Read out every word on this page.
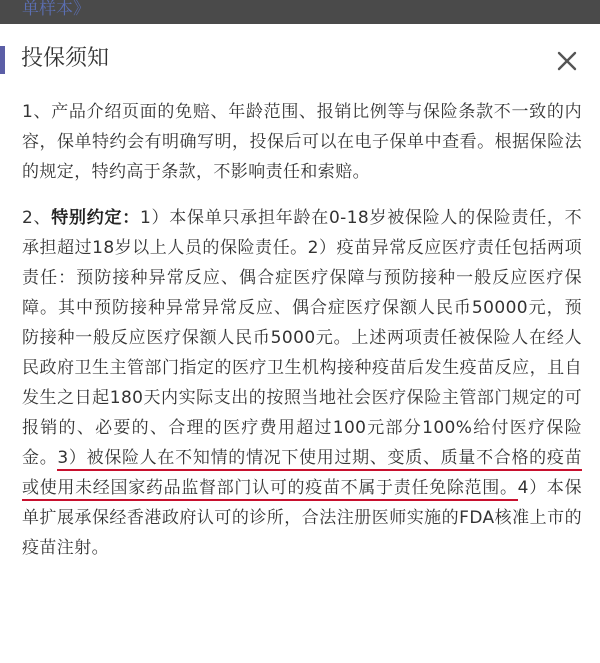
单样本》
投保须知

1、产品介绍页面的免赔、年龄范围、报销比例等与保险条款不一致的内容，保单特约会有明确写明，投保后可以在电子保单中查看。根据保险法的规定，特约高于条款，不影响责任和索赔。

2、特别约定：1）本保单只承担年龄在0-18岁被保险人的保险责任，不承担超过18岁以上人员的保险责任。2）疫苗异常反应医疗责任包括两项责任：预防接种异常反应、偶合症医疗保障与预防接种一般反应医疗保障。其中预防接种异常异常反应、偶合症医疗保额人民币50000元，预防接种一般反应医疗保额人民币5000元。上述两项责任被保险人在经人民政府卫生主管部门指定的医疗卫生机构接种疫苗后发生疫苗反应，且自发生之日起180天内实际支出的按照当地社会医疗保险主管部门规定的可报销的、必要的、合理的医疗费用超过100元部分100%给付医疗保险金。3）被保险人在不知情的情况下使用过期、变质、质量不合格的疫苗或使用未经国家药品监督部门认可的疫苗不属于责任免除范围。4）本保单扩展承保经香港政府认可的诊所，合法注册医师实施的FDA核准上市的疫苗注射。
